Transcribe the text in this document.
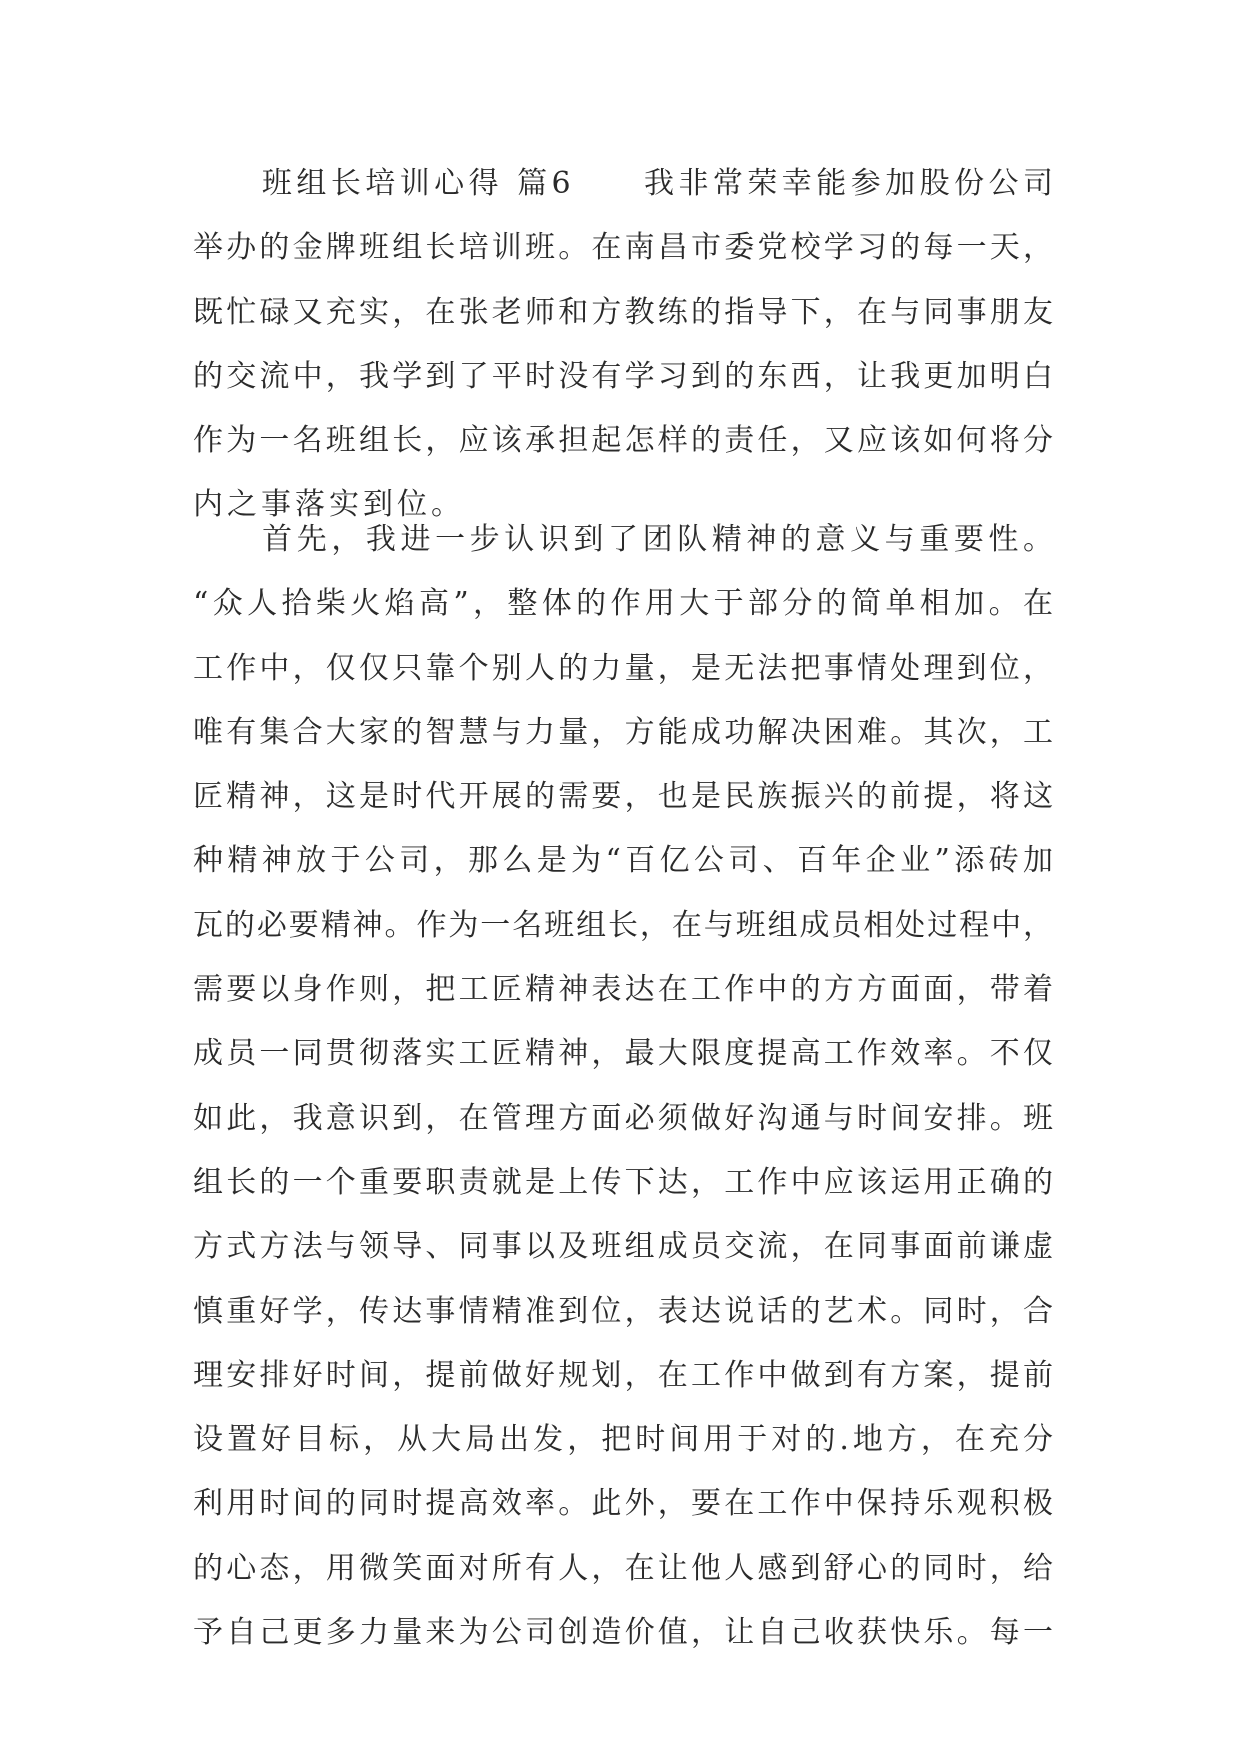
　　班组长培训心得 篇6　　我非常荣幸能参加股份公司
举办的金牌班组长培训班。在南昌市委党校学习的每一天，
既忙碌又充实，在张老师和方教练的指导下，在与同事朋友
的交流中，我学到了平时没有学习到的东西，让我更加明白
作为一名班组长，应该承担起怎样的责任，又应该如何将分
内之事落实到位。
　　首先，我进一步认识到了团队精神的意义与重要性。
“众人拾柴火焰高”，整体的作用大于部分的简单相加。在
工作中，仅仅只靠个别人的力量，是无法把事情处理到位，
唯有集合大家的智慧与力量，方能成功解决困难。其次，工
匠精神，这是时代开展的需要，也是民族振兴的前提，将这
种精神放于公司，那么是为“百亿公司、百年企业”添砖加
瓦的必要精神。作为一名班组长，在与班组成员相处过程中，
需要以身作则，把工匠精神表达在工作中的方方面面，带着
成员一同贯彻落实工匠精神，最大限度提高工作效率。不仅
如此，我意识到，在管理方面必须做好沟通与时间安排。班
组长的一个重要职责就是上传下达，工作中应该运用正确的
方式方法与领导、同事以及班组成员交流，在同事面前谦虚
慎重好学，传达事情精准到位，表达说话的艺术。同时，合
理安排好时间，提前做好规划，在工作中做到有方案，提前
设置好目标，从大局出发，把时间用于对的.地方，在充分
利用时间的同时提高效率。此外，要在工作中保持乐观积极
的心态，用微笑面对所有人，在让他人感到舒心的同时，给
予自己更多力量来为公司创造价值，让自己收获快乐。每一
